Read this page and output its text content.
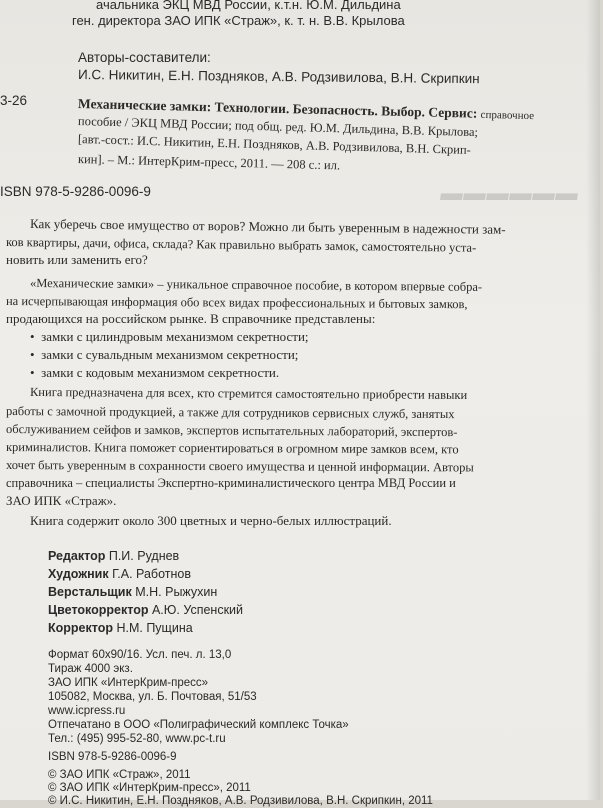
▬▬▬▬▬▬
ачальника ЭКЦ МВД России, к.т.н. Ю.М. Дильдина
ген. директора ЗАО ИПК «Страж», к. т. н. В.В. Крылова
Авторы-составители:
И.С. Никитин, Е.Н. Поздняков, А.В. Родзивилова, В.Н. Скрипкин
3-26	Механические замки: Технологии. Безопасность. Выбор. Сервис: справочное
пособие / ЭКЦ МВД России; под общ. ред. Ю.М. Дильдина, В.В. Крылова;
[авт.-сост.: И.С. Никитин, Е.Н. Поздняков, А.В. Родзивилова, В.Н. Скрип-
кин]. – М.: ИнтерКрим-пресс, 2011. — 208 с.: ил.
ISBN 978-5-9286-0096-9
Как уберечь свое имущество от воров? Можно ли быть уверенным в надежности зам-
ков квартиры, дачи, офиса, склада? Как правильно выбрать замок, самостоятельно уста-
новить или заменить его?
«Механические замки» – уникальное справочное пособие, в котором впервые собра-
на исчерпывающая информация обо всех видах профессиональных и бытовых замков,
продающихся на российском рынке. В справочнике представлены:
•  замки с цилиндровым механизмом секретности;
•  замки с сувальдным механизмом секретности;
•  замки с кодовым механизмом секретности.
Книга предназначена для всех, кто стремится самостоятельно приобрести навыки
работы с замочной продукцией, а также для сотрудников сервисных служб, занятых
обслуживанием сейфов и замков, экспертов испытательных лабораторий, экспертов-
криминалистов. Книга поможет сориентироваться в огромном мире замков всем, кто
хочет быть уверенным в сохранности своего имущества и ценной информации. Авторы
справочника – специалисты Экспертно-криминалистического центра МВД России и
ЗАО ИПК «Страж».
Книга содержит около 300 цветных и черно-белых иллюстраций.
Редактор П.И. Руднев
Художник Г.А. Работнов
Верстальщик М.Н. Рыжухин
Цветокорректор А.Ю. Успенский
Корректор Н.М. Пущина
Формат 60х90/16. Усл. печ. л. 13,0
Тираж 4000 экз.
ЗАО ИПК «ИнтерКрим-пресс»
105082, Москва, ул. Б. Почтовая, 51/53
www.icpress.ru
Отпечатано в ООО «Полиграфический комплекс Точка»
Тел.: (495) 995-52-80, www.pc-t.ru
ISBN 978-5-9286-0096-9
© ЗАО ИПК «Страж», 2011
© ЗАО ИПК «ИнтерКрим-пресс», 2011
© И.С. Никитин, Е.Н. Поздняков, А.В. Родзивилова, В.Н. Скрипкин, 2011
